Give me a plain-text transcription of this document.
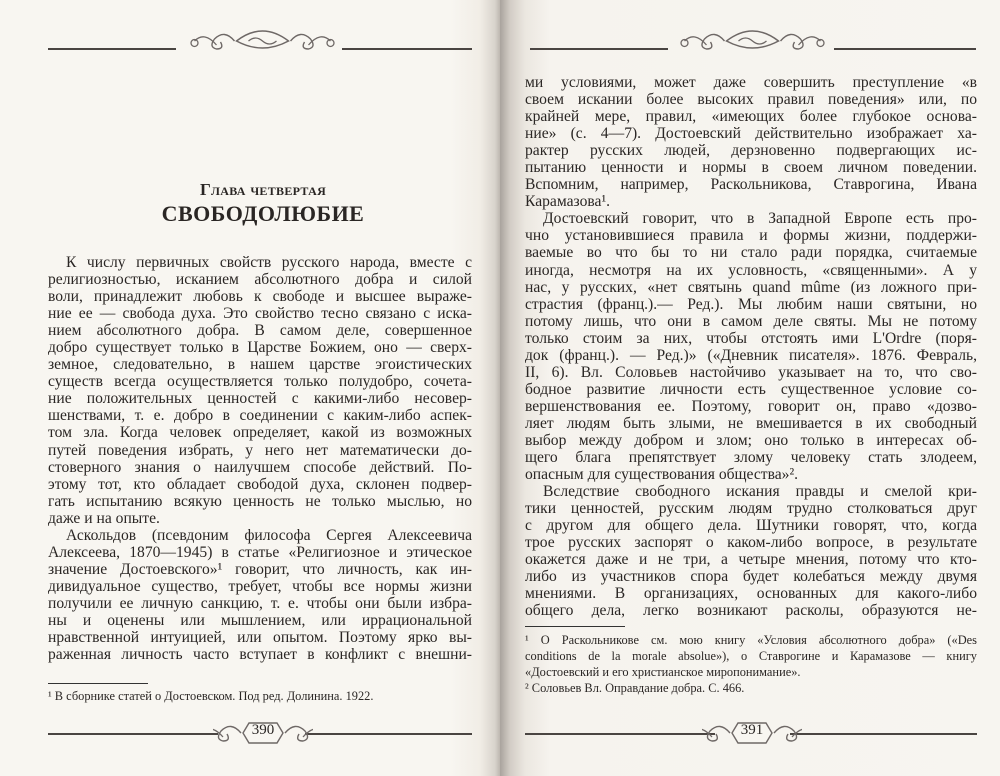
Глава четвертая
СВОБОДОЛЮБИЕ
К числу первичных свойств русского народа, вместе с
религиозностью, исканием абсолютного добра и силой
воли, принадлежит любовь к свободе и высшее выраже-
ние ее — свобода духа. Это свойство тесно связано с иска-
нием абсолютного добра. В самом деле, совершенное
добро существует только в Царстве Божием, оно — сверх-
земное, следовательно, в нашем царстве эгоистических
существ всегда осуществляется только полудобро, сочета-
ние положительных ценностей с какими-либо несовер-
шенствами, т. е. добро в соединении с каким-либо аспек-
том зла. Когда человек определяет, какой из возможных
путей поведения избрать, у него нет математически до-
стоверного знания о наилучшем способе действий. По-
этому тот, кто обладает свободой духа, склонен подвер-
гать испытанию всякую ценность не только мыслью, но
даже и на опыте.
Аскольдов (псевдоним философа Сергея Алексеевича
Алексеева, 1870—1945) в статье «Религиозное и этическое
значение Достоевского»¹ говорит, что личность, как ин-
дивидуальное существо, требует, чтобы все нормы жизни
получили ее личную санкцию, т. е. чтобы они были избра-
ны и оценены или мышлением, или иррациональной
нравственной интуицией, или опытом. Поэтому ярко вы-
раженная личность часто вступает в конфликт с внешни-
¹ В сборнике статей о Достоевском. Под ред. Долинина. 1922.
390
ми условиями, может даже совершить преступление «в
своем искании более высоких правил поведения» или, по
крайней мере, правил, «имеющих более глубокое основа-
ние» (с. 4—7). Достоевский действительно изображает ха-
рактер русских людей, дерзновенно подвергающих ис-
пытанию ценности и нормы в своем личном поведении.
Вспомним, например, Раскольникова, Ставрогина, Ивана
Карамазова¹.
Достоевский говорит, что в Западной Европе есть про-
чно установившиеся правила и формы жизни, поддержи-
ваемые во что бы то ни стало ради порядка, считаемые
иногда, несмотря на их условность, «священными». А у
нас, у русских, «нет святынь quand mûme (из ложного при-
страстия (франц.).— Ред.). Мы любим наши святыни, но
потому лишь, что они в самом деле святы. Мы не потому
только стоим за них, чтобы отстоять ими L'Ordre (поря-
док (франц.). — Ред.)» («Дневник писателя». 1876. Февраль,
II, 6). Вл. Соловьев настойчиво указывает на то, что сво-
бодное развитие личности есть существенное условие со-
вершенствования ее. Поэтому, говорит он, право «дозво-
ляет людям быть злыми, не вмешивается в их свободный
выбор между добром и злом; оно только в интересах об-
щего блага препятствует злому человеку стать злодеем,
опасным для существования общества»².
Вследствие свободного искания правды и смелой кри-
тики ценностей, русским людям трудно столковаться друг
с другом для общего дела. Шутники говорят, что, когда
трое русских заспорят о каком-либо вопросе, в результате
окажется даже и не три, а четыре мнения, потому что кто-
либо из участников спора будет колебаться между двумя
мнениями. В организациях, основанных для какого-либо
общего дела, легко возникают расколы, образуются не-
¹ О Раскольникове см. мою книгу «Условия абсолютного добра» («Des
conditions de la morale absolue»), о Ставрогине и Карамазове — книгу
«Достоевский и его христианское миропонимание».
² Соловьев Вл. Оправдание добра. С. 466.
391
